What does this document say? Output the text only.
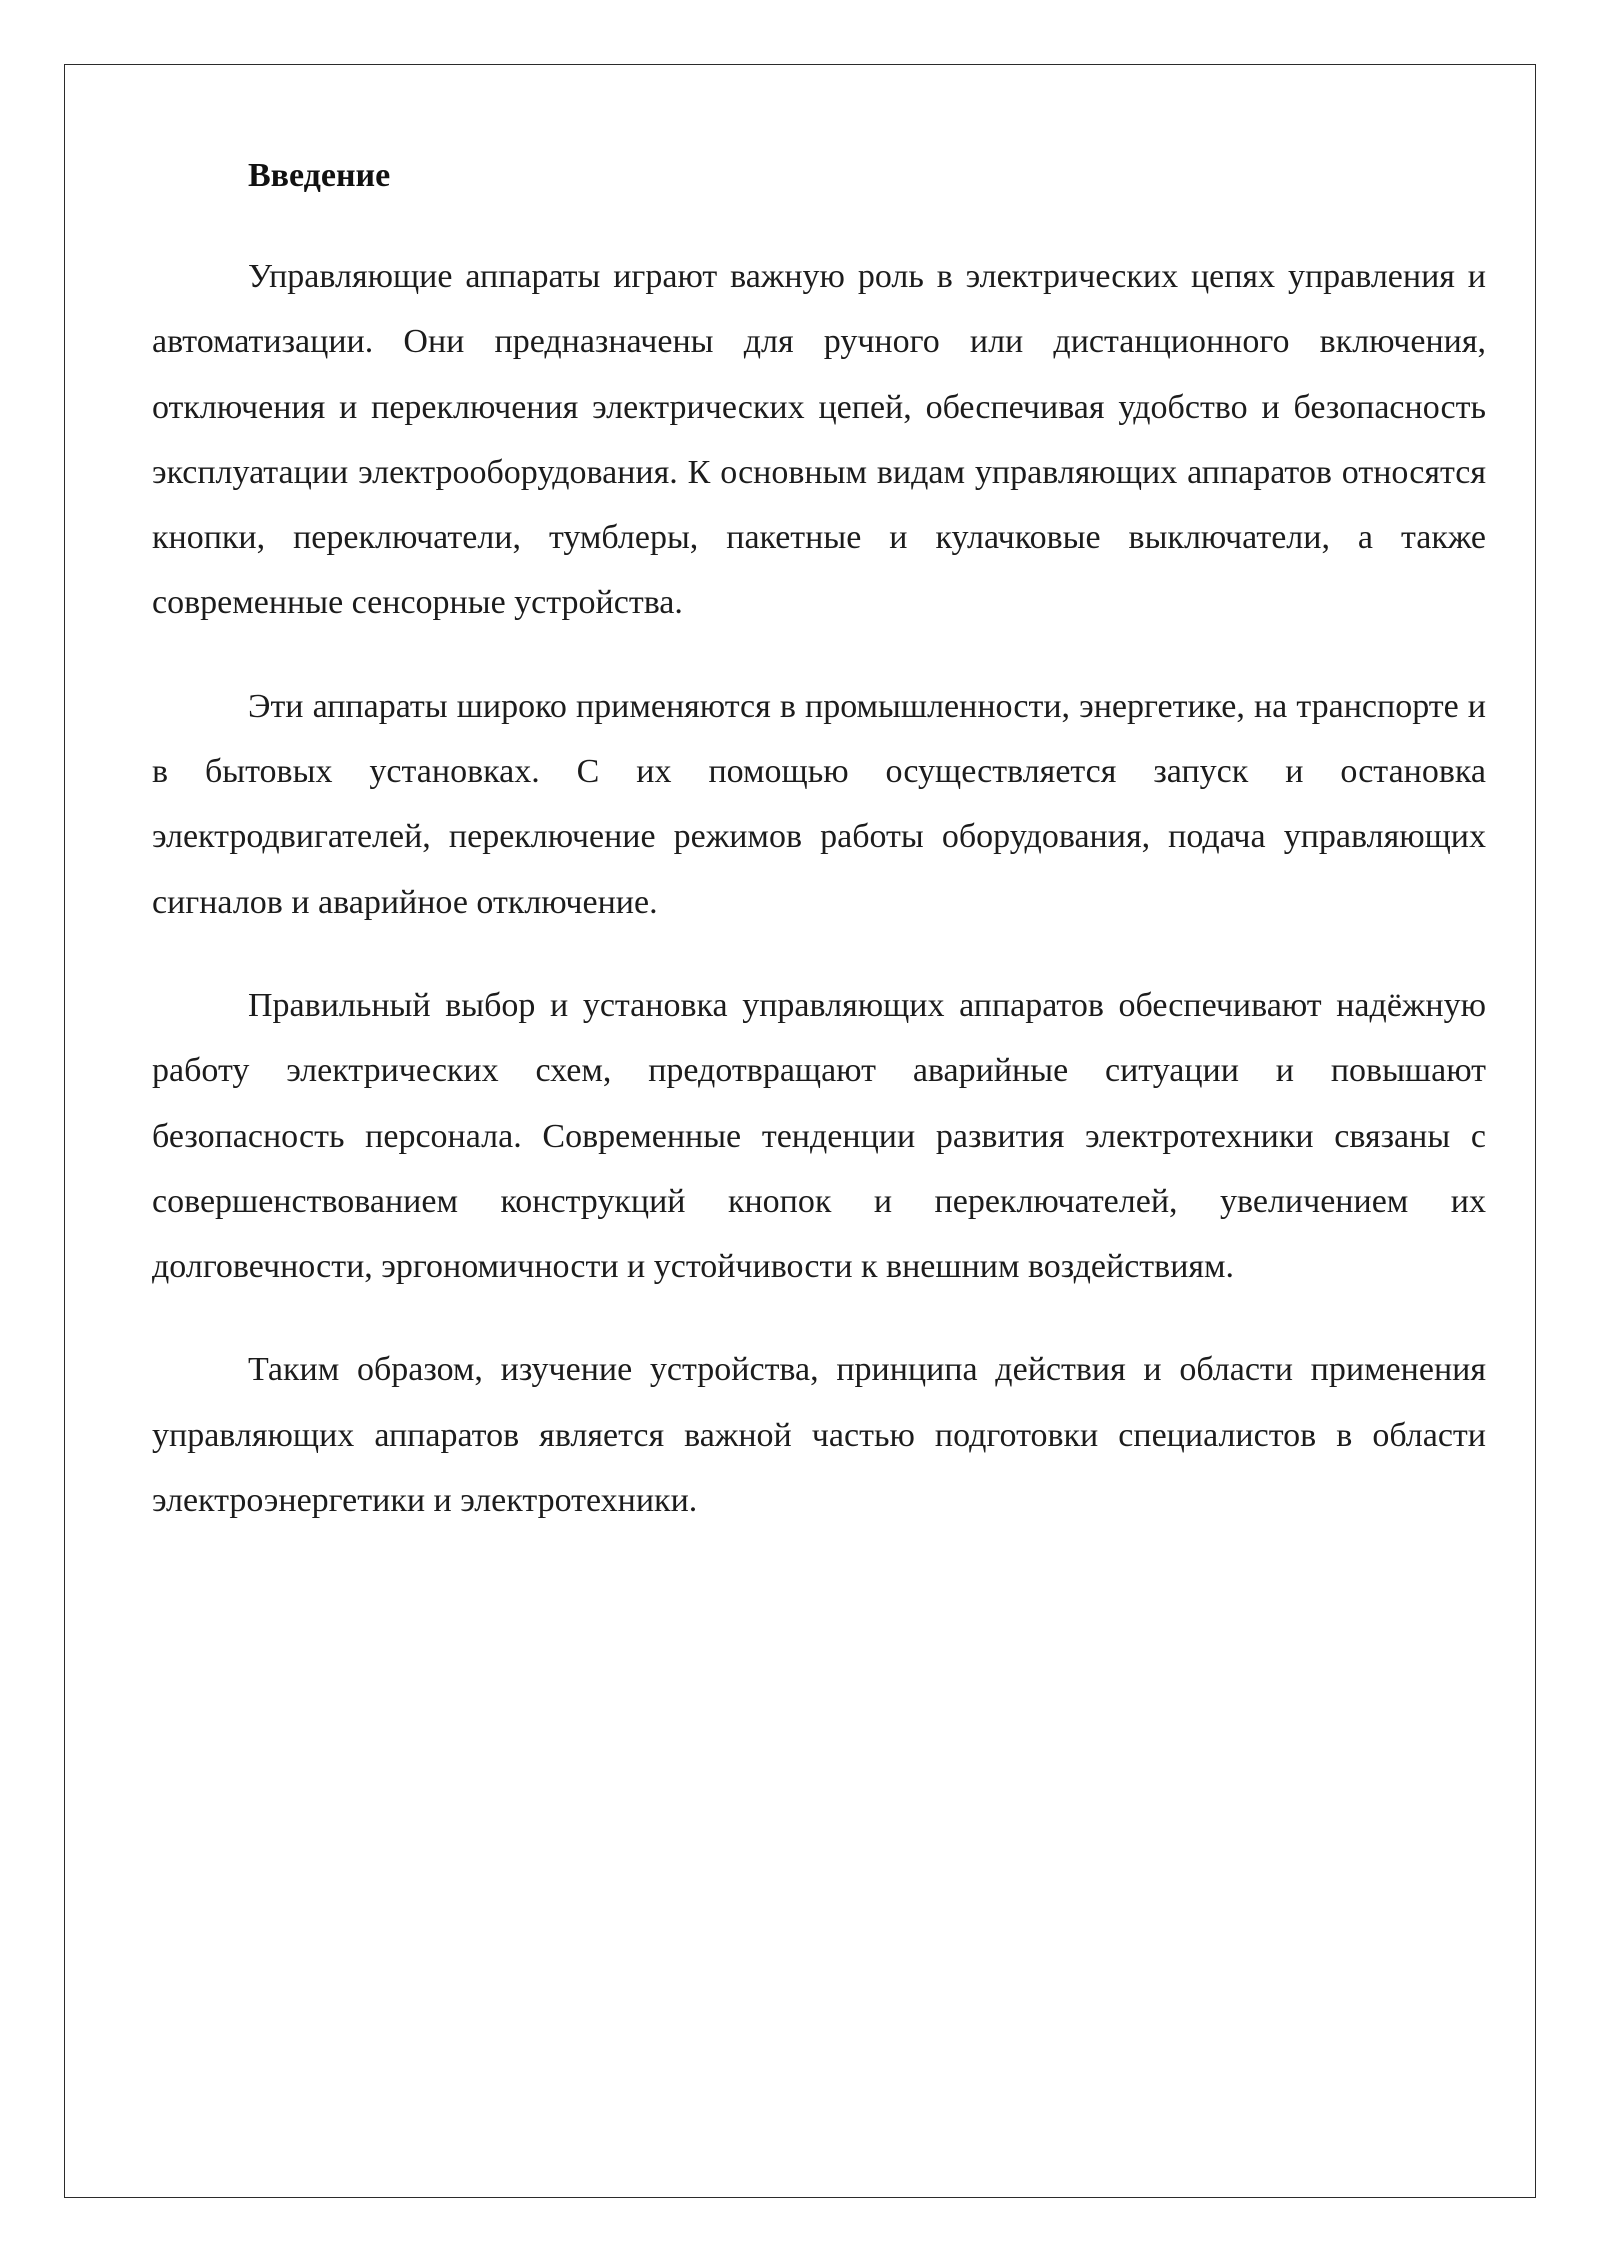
Введение

Управляющие аппараты играют важную роль в электрических цепях управления и автоматизации. Они предназначены для ручного или дистанционного включения, отключения и переключения электрических цепей, обеспечивая удобство и безопасность эксплуатации электрооборудования. К основным видам управляющих аппаратов относятся кнопки, переключатели, тумблеры, пакетные и кулачковые выключатели, а также современные сенсорные устройства.

Эти аппараты широко применяются в промышленности, энергетике, на транспорте и в бытовых установках. С их помощью осуществляется запуск и остановка электродвигателей, переключение режимов работы оборудования, подача управляющих сигналов и аварийное отключение.

Правильный выбор и установка управляющих аппаратов обеспечивают надёжную работу электрических схем, предотвращают аварийные ситуации и повышают безопасность персонала. Современные тенденции развития электротехники связаны с совершенствованием конструкций кнопок и переключателей, увеличением их долговечности, эргономичности и устойчивости к внешним воздействиям.

Таким образом, изучение устройства, принципа действия и области применения управляющих аппаратов является важной частью подготовки специалистов в области электроэнергетики и электротехники.
